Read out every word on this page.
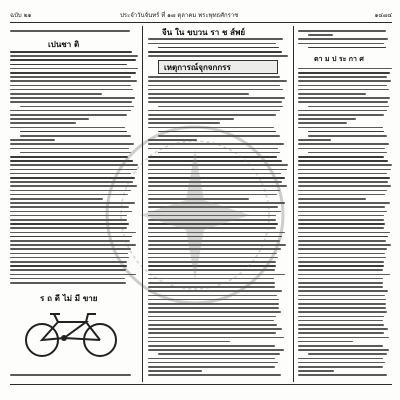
ฉบับ ๒๑	ประจำวันจันทร์ ที่ ๑๗ ตุลาคม พระพุทธศักราช	๑๔๗๔
เปนชา ติ
ร ถ ดี ไม่ มี ขาย
จีน ใน ขบวน รา ช ส์พย์
เหตุการณ์จุกจกกรร
ตา ม ป ระ กา ศ
